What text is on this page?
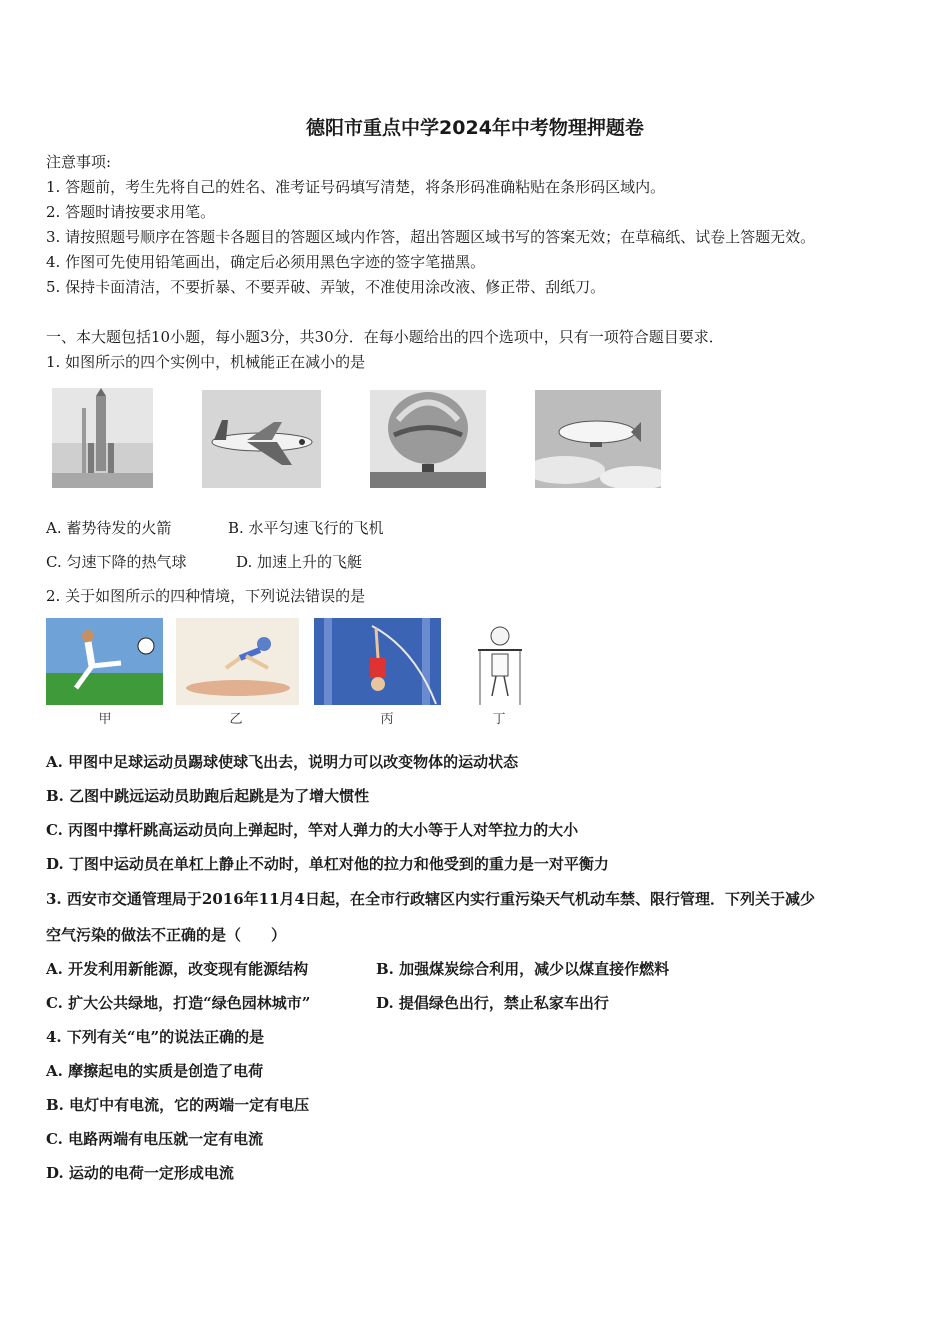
德阳市重点中学2024年中考物理押题卷
注意事项:
1. 答题前，考生先将自己的姓名、准考证号码填写清楚，将条形码准确粘贴在条形码区域内。
2. 答题时请按要求用笔。
3. 请按照题号顺序在答题卡各题目的答题区域内作答，超出答题区域书写的答案无效；在草稿纸、试卷上答题无效。
4. 作图可先使用铅笔画出，确定后必须用黑色字迹的签字笔描黑。
5. 保持卡面清洁，不要折暴、不要弄破、弄皱，不准使用涂改液、修正带、刮纸刀。
一、本大题包括10小题，每小题3分，共30分．在每小题给出的四个选项中，只有一项符合题目要求．
1. 如图所示的四个实例中，机械能正在减小的是
A. 蓄势待发的火箭	B. 水平匀速飞行的飞机
C. 匀速下降的热气球	D. 加速上升的飞艇
2. 关于如图所示的四种情境，下列说法错误的是
甲	乙	丙	丁
A. 甲图中足球运动员踢球使球飞出去，说明力可以改变物体的运动状态
B. 乙图中跳远运动员助跑后起跳是为了增大惯性
C. 丙图中撑杆跳高运动员向上弹起时，竿对人弹力的大小等于人对竿拉力的大小
D. 丁图中运动员在单杠上静止不动时，单杠对他的拉力和他受到的重力是一对平衡力
3. 西安市交通管理局于2016年11月4日起，在全市行政辖区内实行重污染天气机动车禁、限行管理．下列关于减少
空气污染的做法不正确的是（　　）
A. 开发利用新能源，改变现有能源结构	B. 加强煤炭综合利用，减少以煤直接作燃料
C. 扩大公共绿地，打造“绿色园林城市”	D. 提倡绿色出行，禁止私家车出行
4. 下列有关“电”的说法正确的是
A. 摩擦起电的实质是创造了电荷
B. 电灯中有电流，它的两端一定有电压
C. 电路两端有电压就一定有电流
D. 运动的电荷一定形成电流
